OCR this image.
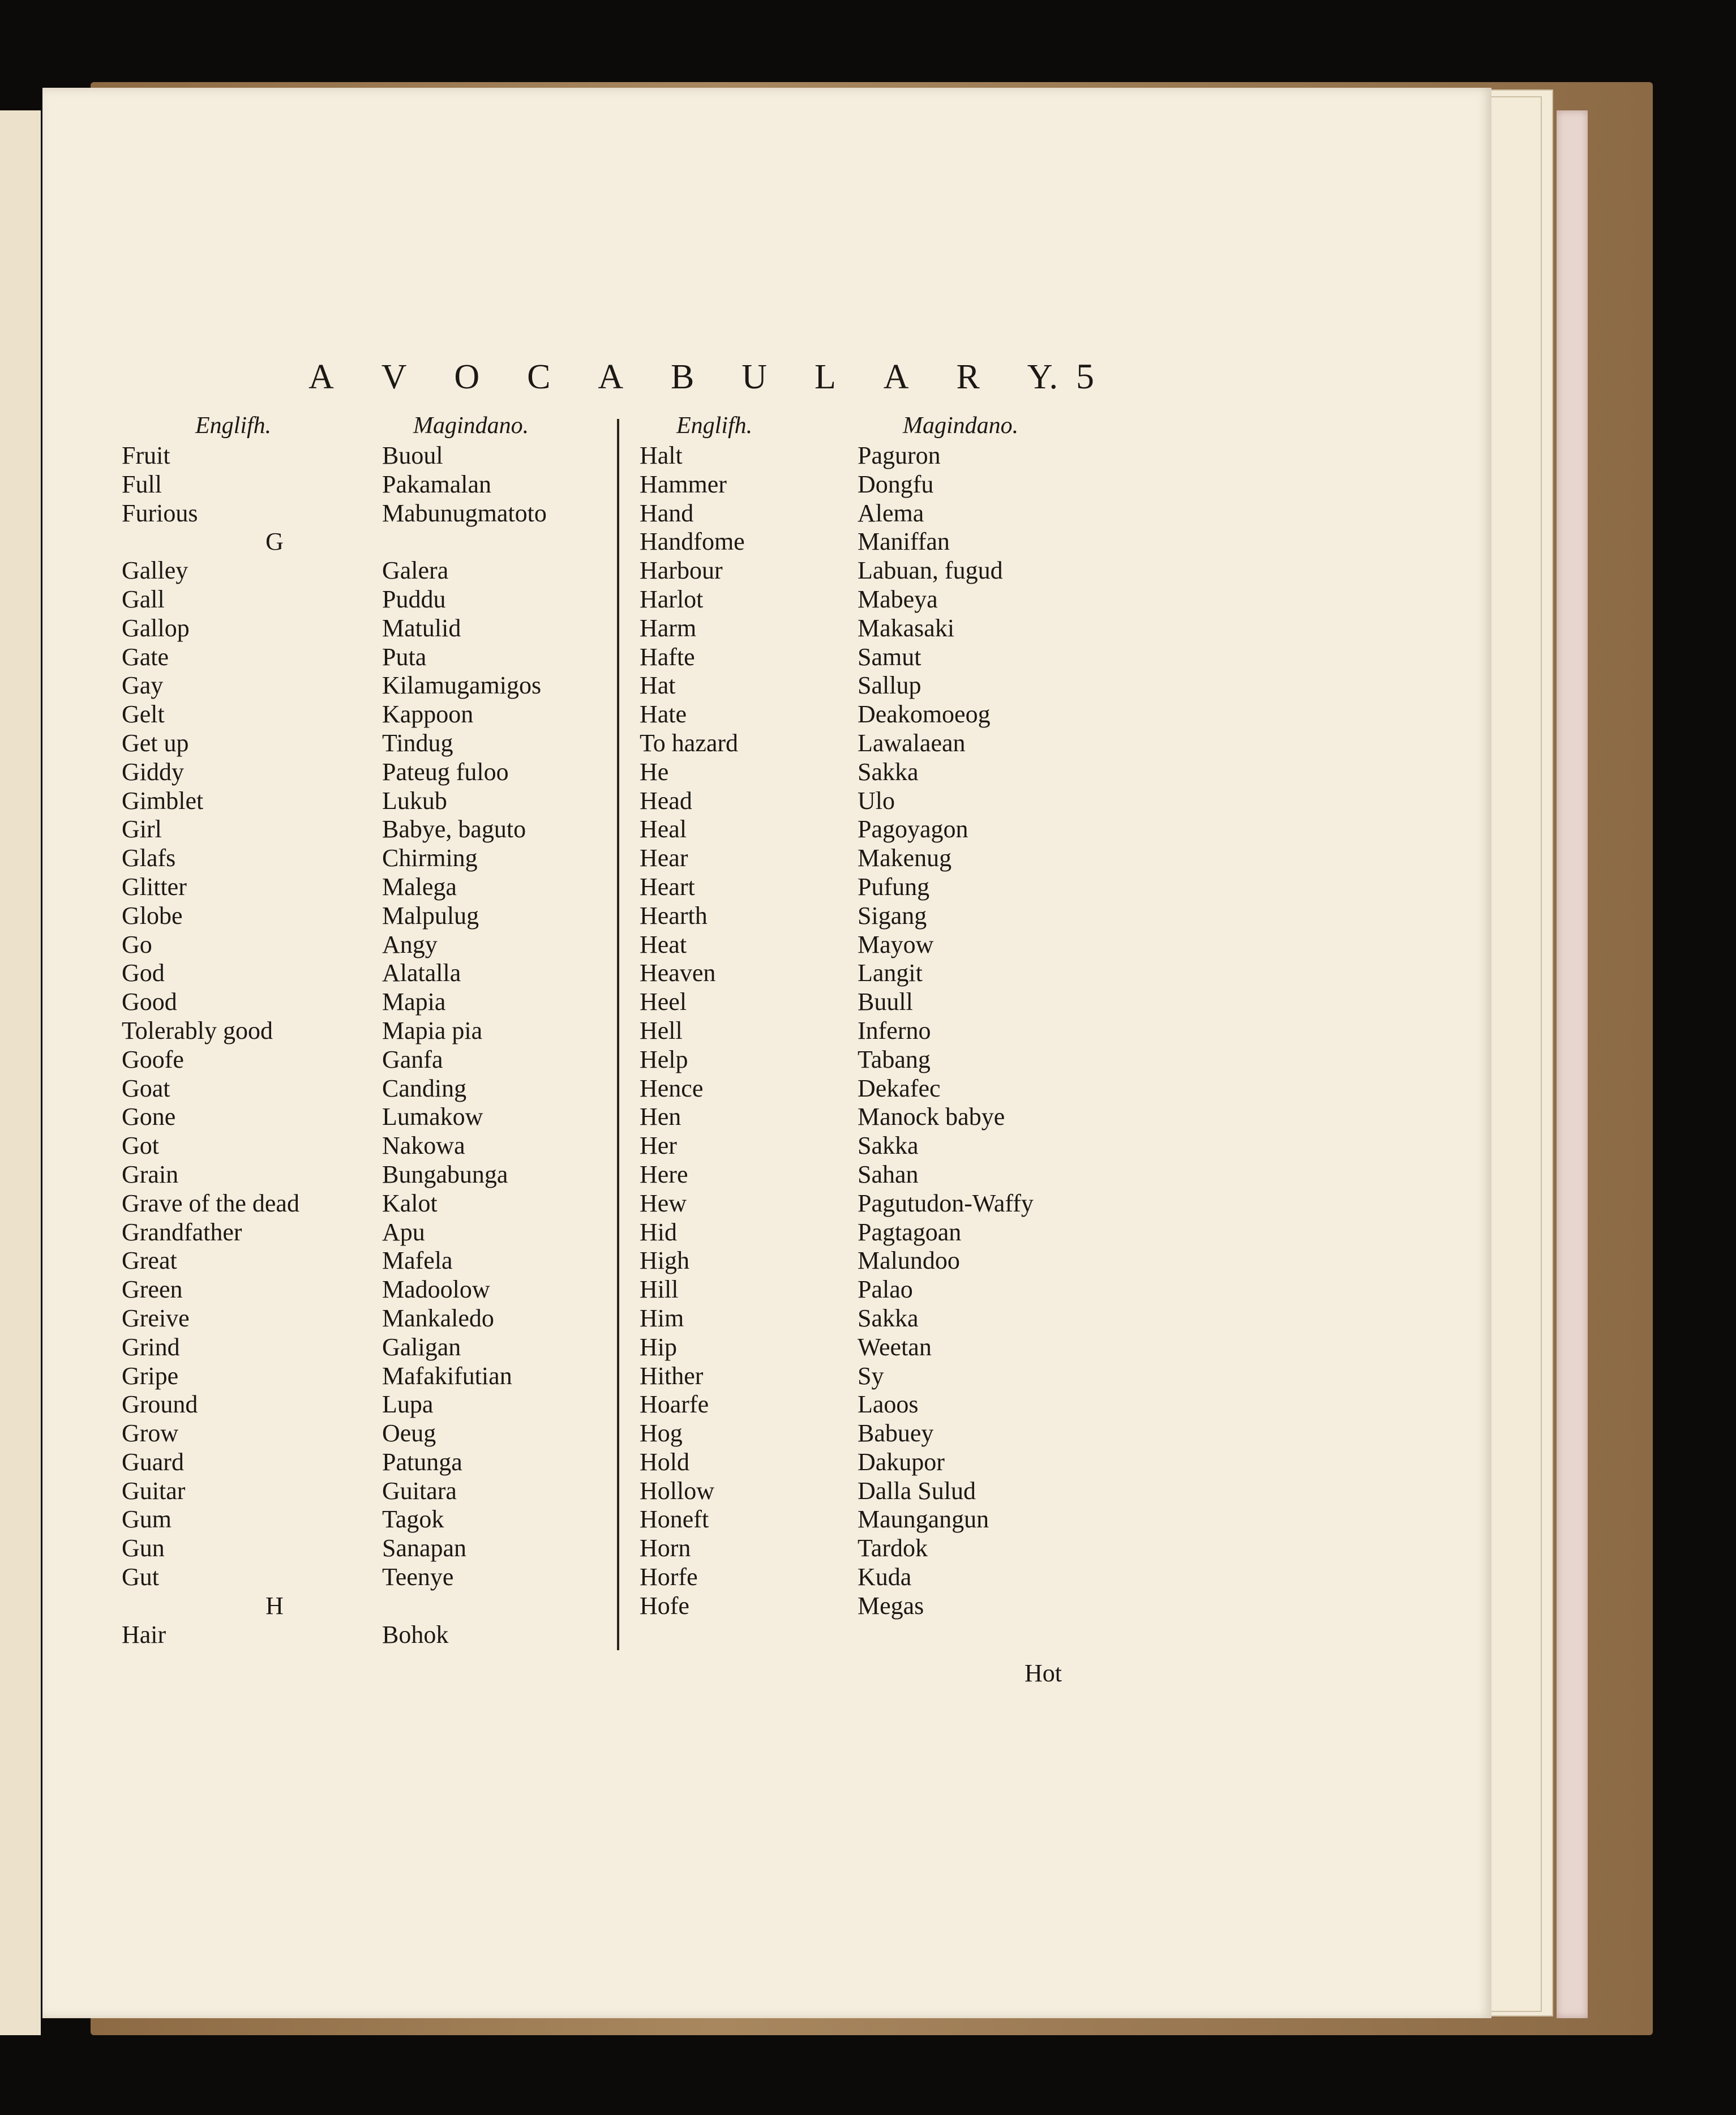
A V O C A B U L A R Y. 5
Englifh.	Magindano.	Englifh.	Magindano.
Fruit	Buoul
Full	Pakamalan
Furious	Mabunugmatoto
G
Galley	Galera
Gall	Puddu
Gallop	Matulid
Gate	Puta
Gay	Kilamugamigos
Gelt	Kappoon
Get up	Tindug
Giddy	Pateug fuloo
Gimblet	Lukub
Girl	Babye, baguto
Glafs	Chirming
Glitter	Malega
Globe	Malpulug
Go	Angy
God	Alatalla
Good	Mapia
Tolerably good	Mapia pia
Goofe	Ganfa
Goat	Canding
Gone	Lumakow
Got	Nakowa
Grain	Bungabunga
Grave of the dead	Kalot
Grandfather	Apu
Great	Mafela
Green	Madoolow
Greive	Mankaledo
Grind	Galigan
Gripe	Mafakifutian
Ground	Lupa
Grow	Oeug
Guard	Patunga
Guitar	Guitara
Gum	Tagok
Gun	Sanapan
Gut	Teenye
H
Hair	Bohok
Halt	Paguron
Hammer	Dongfu
Hand	Alema
Handfome	Maniffan
Harbour	Labuan, fugud
Harlot	Mabeya
Harm	Makasaki
Hafte	Samut
Hat	Sallup
Hate	Deakomoeog
To hazard	Lawalaean
He	Sakka
Head	Ulo
Heal	Pagoyagon
Hear	Makenug
Heart	Pufung
Hearth	Sigang
Heat	Mayow
Heaven	Langit
Heel	Buull
Hell	Inferno
Help	Tabang
Hence	Dekafec
Hen	Manock babye
Her	Sakka
Here	Sahan
Hew	Pagutudon-Waffy
Hid	Pagtagoan
High	Malundoo
Hill	Palao
Him	Sakka
Hip	Weetan
Hither	Sy
Hoarfe	Laoos
Hog	Babuey
Hold	Dakupor
Hollow	Dalla Sulud
Honeft	Maungangun
Horn	Tardok
Horfe	Kuda
Hofe	Megas
Hot
